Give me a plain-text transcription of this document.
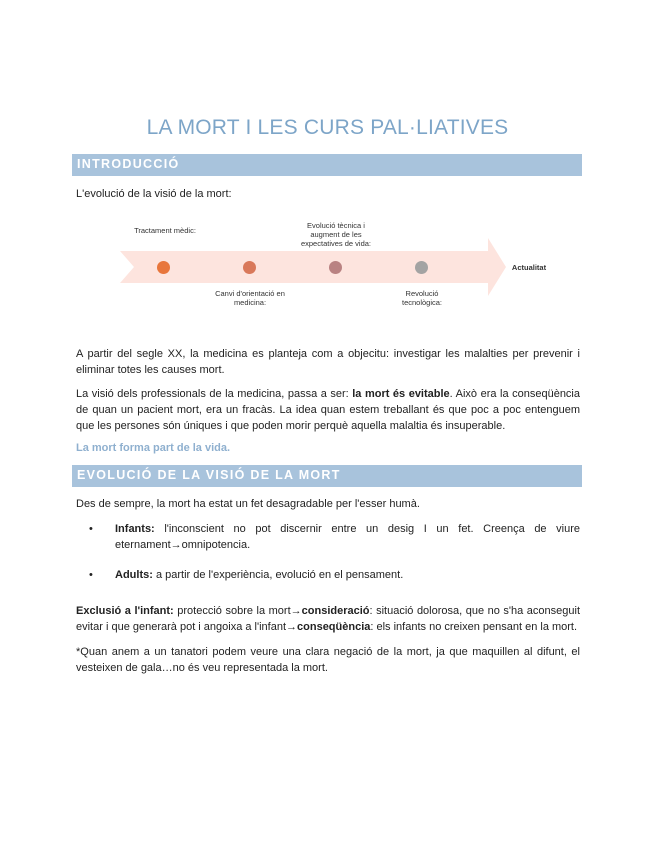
LA MORT I LES CURS PAL·LIATIVES
INTRODUCCIÓ
L'evolució de la visió de la mort:
Tractament mèdic:
Evolució tècnica i augment de les expectatives de vida:
Canvi d'orientació en medicina:
Revolució tecnològica:
Actualitat
A partir del segle XX, la medicina es planteja com a objecitu: investigar les malalties per prevenir i eliminar totes les causes mort.
La visió dels professionals de la medicina, passa a ser: la mort és evitable. Això era la conseqüència de quan un pacient mort, era un fracàs. La idea quan estem treballant és que poc a poc entenguem que les persones són úniques i que poden morir perquè aquella malaltia és insuperable.
La mort forma part de la vida.
EVOLUCIÓ DE LA VISIÓ DE LA MORT
Des de sempre, la mort ha estat un fet desagradable per l'esser humà.
• Infants: l'inconscient no pot discernir entre un desig I un fet. Creença de viure eternament→omnipotencia.
• Adults: a partir de l'experiència, evolució en el pensament.
Exclusió a l'infant: protecció sobre la mort→consideració: situació dolorosa, que no s'ha aconseguit evitar i que generarà pot i angoixa a l'infant→conseqüència: els infants no creixen pensant en la mort.
*Quan anem a un tanatori podem veure una clara negació de la mort, ja que maquillen al difunt, el vesteixen de gala…no és veu representada la mort.
